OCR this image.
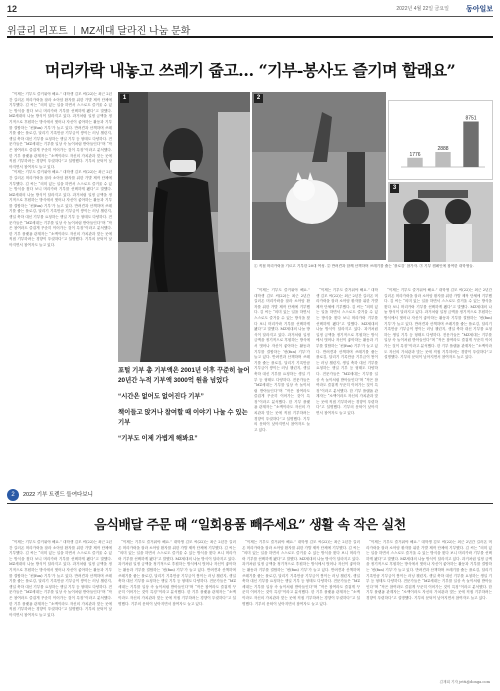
12	2022년 4월 22일 금요일 동아일보
위클리 리포트 MZ세대 달라진 나눔 문화
머리카락 내놓고 쓰레기 줍고… “기부-봉사도 즐기며 할래요”

“이제는 기부도 즐거워야 해요.” 대학생 김모 씨(22)는 최근 2년간 길러온 머리카락을 잘라 소아암 환자를 위한 가발 제작 단체에 기부했다. 김 씨는 “의미 있는 일을 하면서 스스로도 즐거울 수 있는 방식을 찾다 보니 머리카락 기부를 선택하게 됐다”고 말했다. MZ세대의 나눔 방식이 달라지고 있다. 과거처럼 일정 금액을 정기적으로 후원하는 방식에서 벗어나 자신이 좋아하는 활동과 기부를 결합하는 ‘펀(fun) 기부’가 늘고 있다. 반려견과 산책하며 쓰레기를 줍는 플로깅, 달리기 기록만큼 기부금이 쌓이는 러닝 챌린지, 생일 축하 대신 기부를 요청하는 생일 기부 등 형태도 다양하다. 전문가들은 “MZ세대는 기부를 일상 속 놀이처럼 받아들인다”며 “작은 참여라도 즐겁게 꾸준히 이어가는 것이 특징”이라고 분석했다. 한 기부 플랫폼 관계자는 “소액이라도 자신의 가치관과 맞는 곳에 직접 기부하려는 경향이 뚜렷하다”고 설명했다. 기부의 문턱이 낮아지면서 참여자도 늘고 있다.

“이제는 기부도 즐거워야 해요.” 대학생 김모 씨(22)는 최근 2년간 길러온 머리카락을 잘라 소아암 환자를 위한 가발 제작 단체에 기부했다. 김 씨는 “의미 있는 일을 하면서 스스로도 즐거울 수 있는 방식을 찾다 보니 머리카락 기부를 선택하게 됐다”고 말했다. MZ세대의 나눔 방식이 달라지고 있다. 과거처럼 일정 금액을 정기적으로 후원하는 방식에서 벗어나 자신이 좋아하는 활동과 기부를 결합하는 ‘펀(fun) 기부’가 늘고 있다. 반려견과 산책하며 쓰레기를 줍는 플로깅, 달리기 기록만큼 기부금이 쌓이는 러닝 챌린지, 생일 축하 대신 기부를 요청하는 생일 기부 등 형태도 다양하다. 전문가들은 “MZ세대는 기부를 일상 속 놀이처럼 받아들인다”며 “작은 참여라도 즐겁게 꾸준히 이어가는 것이 특징”이라고 분석했다. 한 기부 플랫폼 관계자는 “소액이라도 자신의 가치관과 맞는 곳에 직접 기부하려는 경향이 뚜렷하다”고 설명했다. 기부의 문턱이 낮아지면서 참여자도 늘고 있다.

1	2
1776
2888
8751
3
① 직접 머리카락을 기르고 기부한 20대 여성. ② 반려견과 함께 산책하며 쓰레기를 줍는 ‘플로깅’ 참가자. ③ 기부 캠페인에 참여한 대학생들.
포털 기부 총 기부액은 2001년 이후 꾸준히 늘어 20년간 누적 기부액 3000억 원을 넘었다
“시간은 없어도 없어진다 기부”
책이들고 앉거나 참여할 때 이야기 나눌 수 있는 기부
“기부도 이제 가볍게 해봐요”

“이제는 기부도 즐거워야 해요.” 대학생 김모 씨(22)는 최근 2년간 길러온 머리카락을 잘라 소아암 환자를 위한 가발 제작 단체에 기부했다. 김 씨는 “의미 있는 일을 하면서 스스로도 즐거울 수 있는 방식을 찾다 보니 머리카락 기부를 선택하게 됐다”고 말했다. MZ세대의 나눔 방식이 달라지고 있다. 과거처럼 일정 금액을 정기적으로 후원하는 방식에서 벗어나 자신이 좋아하는 활동과 기부를 결합하는 ‘펀(fun) 기부’가 늘고 있다. 반려견과 산책하며 쓰레기를 줍는 플로깅, 달리기 기록만큼 기부금이 쌓이는 러닝 챌린지, 생일 축하 대신 기부를 요청하는 생일 기부 등 형태도 다양하다. 전문가들은 “MZ세대는 기부를 일상 속 놀이처럼 받아들인다”며 “작은 참여라도 즐겁게 꾸준히 이어가는 것이 특징”이라고 분석했다. 한 기부 플랫폼 관계자는 “소액이라도 자신의 가치관과 맞는 곳에 직접 기부하려는 경향이 뚜렷하다”고 설명했다. 기부의 문턱이 낮아지면서 참여자도 늘고 있다.

“이제는 기부도 즐거워야 해요.” 대학생 김모 씨(22)는 최근 2년간 길러온 머리카락을 잘라 소아암 환자를 위한 가발 제작 단체에 기부했다. 김 씨는 “의미 있는 일을 하면서 스스로도 즐거울 수 있는 방식을 찾다 보니 머리카락 기부를 선택하게 됐다”고 말했다. MZ세대의 나눔 방식이 달라지고 있다. 과거처럼 일정 금액을 정기적으로 후원하는 방식에서 벗어나 자신이 좋아하는 활동과 기부를 결합하는 ‘펀(fun) 기부’가 늘고 있다. 반려견과 산책하며 쓰레기를 줍는 플로깅, 달리기 기록만큼 기부금이 쌓이는 러닝 챌린지, 생일 축하 대신 기부를 요청하는 생일 기부 등 형태도 다양하다. 전문가들은 “MZ세대는 기부를 일상 속 놀이처럼 받아들인다”며 “작은 참여라도 즐겁게 꾸준히 이어가는 것이 특징”이라고 분석했다. 한 기부 플랫폼 관계자는 “소액이라도 자신의 가치관과 맞는 곳에 직접 기부하려는 경향이 뚜렷하다”고 설명했다. 기부의 문턱이 낮아지면서 참여자도 늘고 있다.

“이제는 기부도 즐거워야 해요.” 대학생 김모 씨(22)는 최근 2년간 길러온 머리카락을 잘라 소아암 환자를 위한 가발 제작 단체에 기부했다. 김 씨는 “의미 있는 일을 하면서 스스로도 즐거울 수 있는 방식을 찾다 보니 머리카락 기부를 선택하게 됐다”고 말했다. MZ세대의 나눔 방식이 달라지고 있다. 과거처럼 일정 금액을 정기적으로 후원하는 방식에서 벗어나 자신이 좋아하는 활동과 기부를 결합하는 ‘펀(fun) 기부’가 늘고 있다. 반려견과 산책하며 쓰레기를 줍는 플로깅, 달리기 기록만큼 기부금이 쌓이는 러닝 챌린지, 생일 축하 대신 기부를 요청하는 생일 기부 등 형태도 다양하다. 전문가들은 “MZ세대는 기부를 일상 속 놀이처럼 받아들인다”며 “작은 참여라도 즐겁게 꾸준히 이어가는 것이 특징”이라고 분석했다. 한 기부 플랫폼 관계자는 “소액이라도 자신의 가치관과 맞는 곳에 직접 기부하려는 경향이 뚜렷하다”고 설명했다. 기부의 문턱이 낮아지면서 참여자도 늘고 있다.

2 2022 기부 트렌드 들여다보니
음식배달 주문 때 “일회용품 빼주세요” 생활 속 작은 실천

“이제는 기부도 즐거워야 해요.” 대학생 김모 씨(22)는 최근 2년간 길러온 머리카락을 잘라 소아암 환자를 위한 가발 제작 단체에 기부했다. 김 씨는 “의미 있는 일을 하면서 스스로도 즐거울 수 있는 방식을 찾다 보니 머리카락 기부를 선택하게 됐다”고 말했다. MZ세대의 나눔 방식이 달라지고 있다. 과거처럼 일정 금액을 정기적으로 후원하는 방식에서 벗어나 자신이 좋아하는 활동과 기부를 결합하는 ‘펀(fun) 기부’가 늘고 있다. 반려견과 산책하며 쓰레기를 줍는 플로깅, 달리기 기록만큼 기부금이 쌓이는 러닝 챌린지, 생일 축하 대신 기부를 요청하는 생일 기부 등 형태도 다양하다. 전문가들은 “MZ세대는 기부를 일상 속 놀이처럼 받아들인다”며 “작은 참여라도 즐겁게 꾸준히 이어가는 것이 특징”이라고 분석했다. 한 기부 플랫폼 관계자는 “소액이라도 자신의 가치관과 맞는 곳에 직접 기부하려는 경향이 뚜렷하다”고 설명했다. 기부의 문턱이 낮아지면서 참여자도 늘고 있다.

“이제는 기부도 즐거워야 해요.” 대학생 김모 씨(22)는 최근 2년간 길러온 머리카락을 잘라 소아암 환자를 위한 가발 제작 단체에 기부했다. 김 씨는 “의미 있는 일을 하면서 스스로도 즐거울 수 있는 방식을 찾다 보니 머리카락 기부를 선택하게 됐다”고 말했다. MZ세대의 나눔 방식이 달라지고 있다. 과거처럼 일정 금액을 정기적으로 후원하는 방식에서 벗어나 자신이 좋아하는 활동과 기부를 결합하는 ‘펀(fun) 기부’가 늘고 있다. 반려견과 산책하며 쓰레기를 줍는 플로깅, 달리기 기록만큼 기부금이 쌓이는 러닝 챌린지, 생일 축하 대신 기부를 요청하는 생일 기부 등 형태도 다양하다. 전문가들은 “MZ세대는 기부를 일상 속 놀이처럼 받아들인다”며 “작은 참여라도 즐겁게 꾸준히 이어가는 것이 특징”이라고 분석했다. 한 기부 플랫폼 관계자는 “소액이라도 자신의 가치관과 맞는 곳에 직접 기부하려는 경향이 뚜렷하다”고 설명했다. 기부의 문턱이 낮아지면서 참여자도 늘고 있다.

“이제는 기부도 즐거워야 해요.” 대학생 김모 씨(22)는 최근 2년간 길러온 머리카락을 잘라 소아암 환자를 위한 가발 제작 단체에 기부했다. 김 씨는 “의미 있는 일을 하면서 스스로도 즐거울 수 있는 방식을 찾다 보니 머리카락 기부를 선택하게 됐다”고 말했다. MZ세대의 나눔 방식이 달라지고 있다. 과거처럼 일정 금액을 정기적으로 후원하는 방식에서 벗어나 자신이 좋아하는 활동과 기부를 결합하는 ‘펀(fun) 기부’가 늘고 있다. 반려견과 산책하며 쓰레기를 줍는 플로깅, 달리기 기록만큼 기부금이 쌓이는 러닝 챌린지, 생일 축하 대신 기부를 요청하는 생일 기부 등 형태도 다양하다. 전문가들은 “MZ세대는 기부를 일상 속 놀이처럼 받아들인다”며 “작은 참여라도 즐겁게 꾸준히 이어가는 것이 특징”이라고 분석했다. 한 기부 플랫폼 관계자는 “소액이라도 자신의 가치관과 맞는 곳에 직접 기부하려는 경향이 뚜렷하다”고 설명했다. 기부의 문턱이 낮아지면서 참여자도 늘고 있다.

“이제는 기부도 즐거워야 해요.” 대학생 김모 씨(22)는 최근 2년간 길러온 머리카락을 잘라 소아암 환자를 위한 가발 제작 단체에 기부했다. 김 씨는 “의미 있는 일을 하면서 스스로도 즐거울 수 있는 방식을 찾다 보니 머리카락 기부를 선택하게 됐다”고 말했다. MZ세대의 나눔 방식이 달라지고 있다. 과거처럼 일정 금액을 정기적으로 후원하는 방식에서 벗어나 자신이 좋아하는 활동과 기부를 결합하는 ‘펀(fun) 기부’가 늘고 있다. 반려견과 산책하며 쓰레기를 줍는 플로깅, 달리기 기록만큼 기부금이 쌓이는 러닝 챌린지, 생일 축하 대신 기부를 요청하는 생일 기부 등 형태도 다양하다. 전문가들은 “MZ세대는 기부를 일상 속 놀이처럼 받아들인다”며 “작은 참여라도 즐겁게 꾸준히 이어가는 것이 특징”이라고 분석했다. 한 기부 플랫폼 관계자는 “소액이라도 자신의 가치관과 맞는 곳에 직접 기부하려는 경향이 뚜렷하다”고 설명했다. 기부의 문턱이 낮아지면서 참여자도 늘고 있다.

김재희 기자 jetti@donga.com
